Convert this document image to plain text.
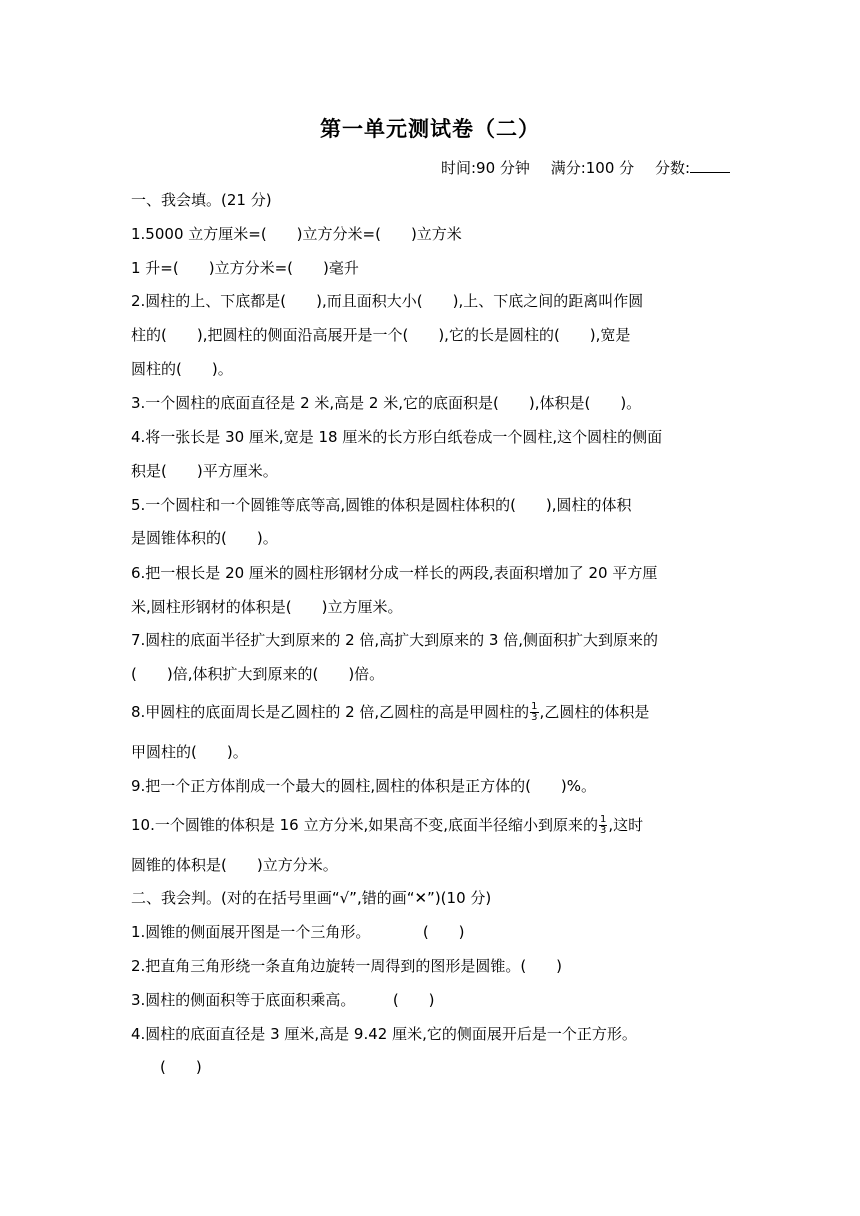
第一单元测试卷（二）
时间:90 分钟 满分:100 分 分数:
一、我会填。(21 分)
1.5000 立方厘米=(　　)立方分米=(　　)立方米
1 升=(　　)立方分米=(　　)毫升
2.圆柱的上、下底都是(　　),而且面积大小(　　),上、下底之间的距离叫作圆
柱的(　　),把圆柱的侧面沿高展开是一个(　　),它的长是圆柱的(　　),宽是
圆柱的(　　)。
3.一个圆柱的底面直径是 2 米,高是 2 米,它的底面积是(　　),体积是(　　)。
4.将一张长是 30 厘米,宽是 18 厘米的长方形白纸卷成一个圆柱,这个圆柱的侧面
积是(　　)平方厘米。
5.一个圆柱和一个圆锥等底等高,圆锥的体积是圆柱体积的(　　),圆柱的体积
是圆锥体积的(　　)。
6.把一根长是 20 厘米的圆柱形钢材分成一样长的两段,表面积增加了 20 平方厘
米,圆柱形钢材的体积是(　　)立方厘米。
7.圆柱的底面半径扩大到原来的 2 倍,高扩大到原来的 3 倍,侧面积扩大到原来的
(　　)倍,体积扩大到原来的(　　)倍。
8.甲圆柱的底面周长是乙圆柱的 2 倍,乙圆柱的高是甲圆柱的 $\frac{1}{3}$ ,乙圆柱的体积是
甲圆柱的(　　)。
9.把一个正方体削成一个最大的圆柱,圆柱的体积是正方体的(　　)%。
10.一个圆锥的体积是 16 立方分米,如果高不变,底面半径缩小到原来的 $\frac{1}{3}$ ,这时
圆锥的体积是(　　)立方分米。
二、我会判。(对的在括号里画“√”,错的画“✕”)(10 分)
1.圆锥的侧面展开图是一个三角形。　　　　(　　)
2.把直角三角形绕一条直角边旋转一周得到的图形是圆锥。(　　)
3.圆柱的侧面积等于底面积乘高。　　　(　　)
4.圆柱的底面直径是 3 厘米,高是 9.42 厘米,它的侧面展开后是一个正方形。
(　　)
